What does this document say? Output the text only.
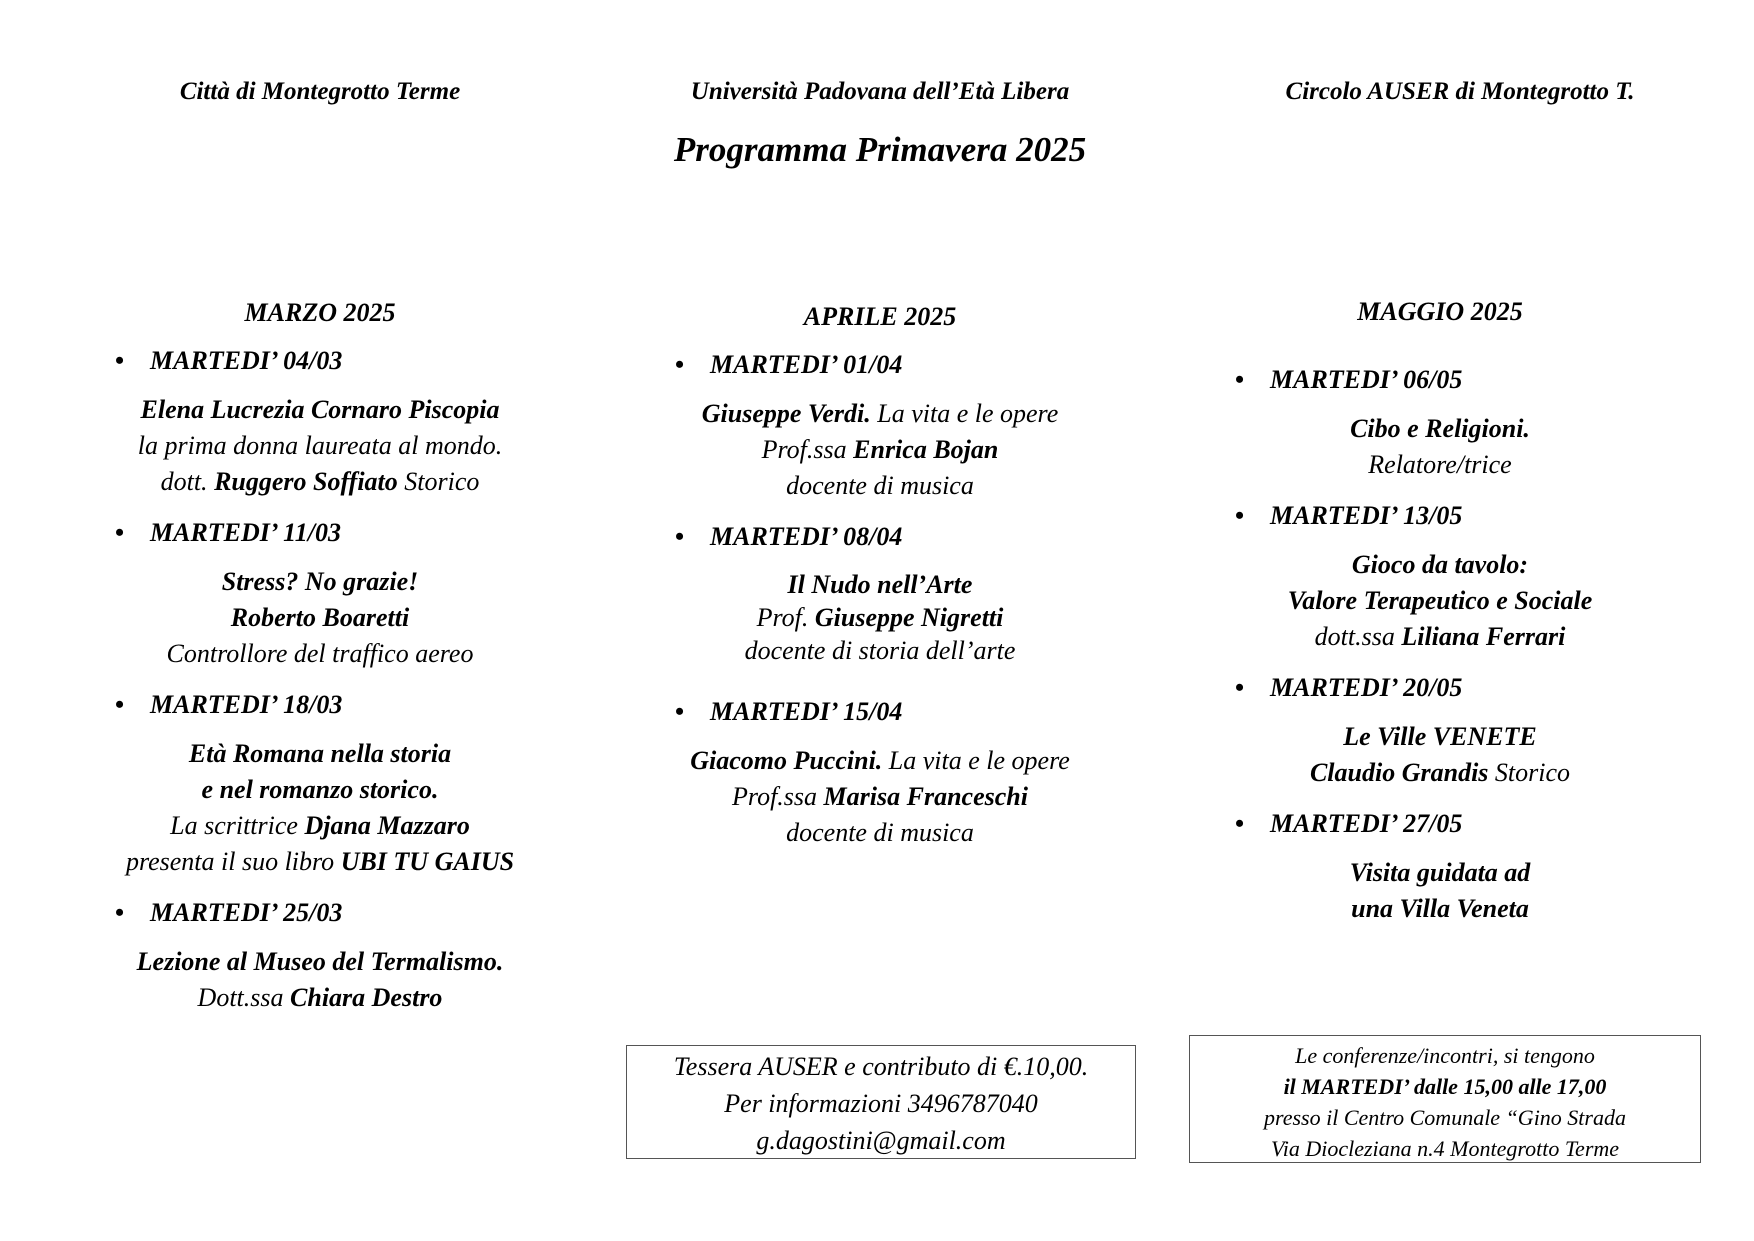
Città di Montegrotto Terme	Università Padovana dell’Età Libera	Circolo AUSER di Montegrotto T.
Programma Primavera 2025
MARZO 2025
• MARTEDI’ 04/03
Elena Lucrezia Cornaro Piscopia
la prima donna laureata al mondo.
dott. Ruggero Soffiato Storico
• MARTEDI’ 11/03
Stress? No grazie!
Roberto Boaretti
Controllore del traffico aereo
• MARTEDI’ 18/03
Età Romana nella storia
e nel romanzo storico.
La scrittrice Djana Mazzaro
presenta il suo libro UBI TU GAIUS
• MARTEDI’ 25/03
Lezione al Museo del Termalismo.
Dott.ssa Chiara Destro
APRILE 2025
• MARTEDI’ 01/04
Giuseppe Verdi. La vita e le opere
Prof.ssa Enrica Bojan
docente di musica
• MARTEDI’ 08/04
Il Nudo nell’Arte
Prof. Giuseppe Nigretti
docente di storia dell’arte
• MARTEDI’ 15/04
Giacomo Puccini. La vita e le opere
Prof.ssa Marisa Franceschi
docente di musica
MAGGIO 2025
• MARTEDI’ 06/05
Cibo e Religioni.
Relatore/trice
• MARTEDI’ 13/05
Gioco da tavolo:
Valore Terapeutico e Sociale
dott.ssa Liliana Ferrari
• MARTEDI’ 20/05
Le Ville VENETE
Claudio Grandis Storico
• MARTEDI’ 27/05
Visita guidata ad
una Villa Veneta
Tessera AUSER e contributo di €.10,00.
Per informazioni 3496787040
g.dagostini@gmail.com
Le conferenze/incontri, si tengono
il MARTEDI’ dalle 15,00 alle 17,00
presso il Centro Comunale “Gino Strada
Via Diocleziana n.4 Montegrotto Terme
